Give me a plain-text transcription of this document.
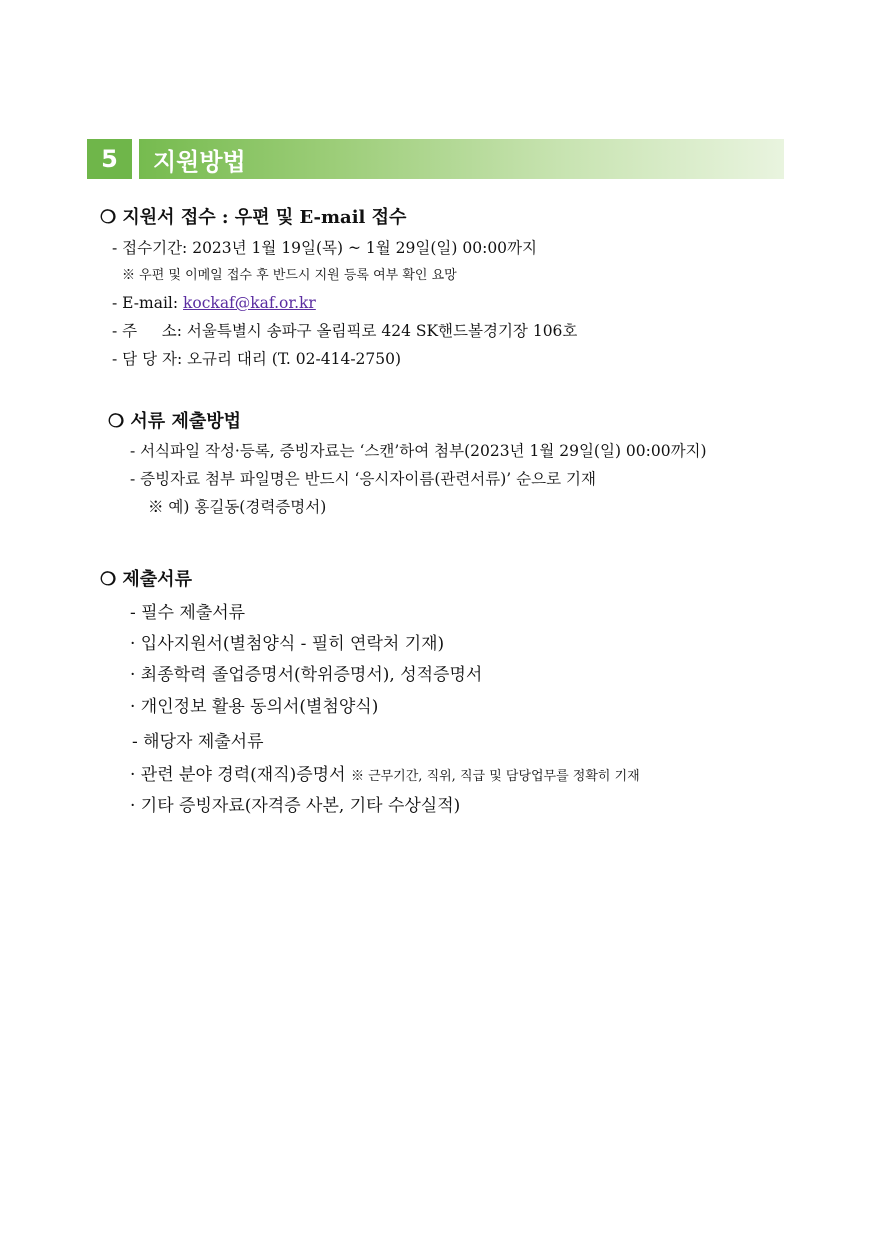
5	지원방법
❍ 지원서 접수 : 우편 및 E-mail 접수
- 접수기간: 2023년 1월 19일(목) ~ 1월 29일(일) 00:00까지
※ 우편 및 이메일 접수 후 반드시 지원 등록 여부 확인 요망
- E-mail: kockaf@kaf.or.kr
- 주     소: 서울특별시 송파구 올림픽로 424 SK핸드볼경기장 106호
- 담 당 자: 오규리 대리 (T. 02-414-2750)
❍ 서류 제출방법
- 서식파일 작성·등록, 증빙자료는 ‘스캔’하여 첨부(2023년 1월 29일(일) 00:00까지)
- 증빙자료 첨부 파일명은 반드시 ‘응시자이름(관련서류)’ 순으로 기재
※ 예) 홍길동(경력증명서)
❍ 제출서류
- 필수 제출서류
· 입사지원서(별첨양식 - 필히 연락처 기재)
· 최종학력 졸업증명서(학위증명서), 성적증명서
· 개인정보 활용 동의서(별첨양식)
- 해당자 제출서류
· 관련 분야 경력(재직)증명서 ※ 근무기간, 직위, 직급 및 담당업무를 정확히 기재
· 기타 증빙자료(자격증 사본, 기타 수상실적)
